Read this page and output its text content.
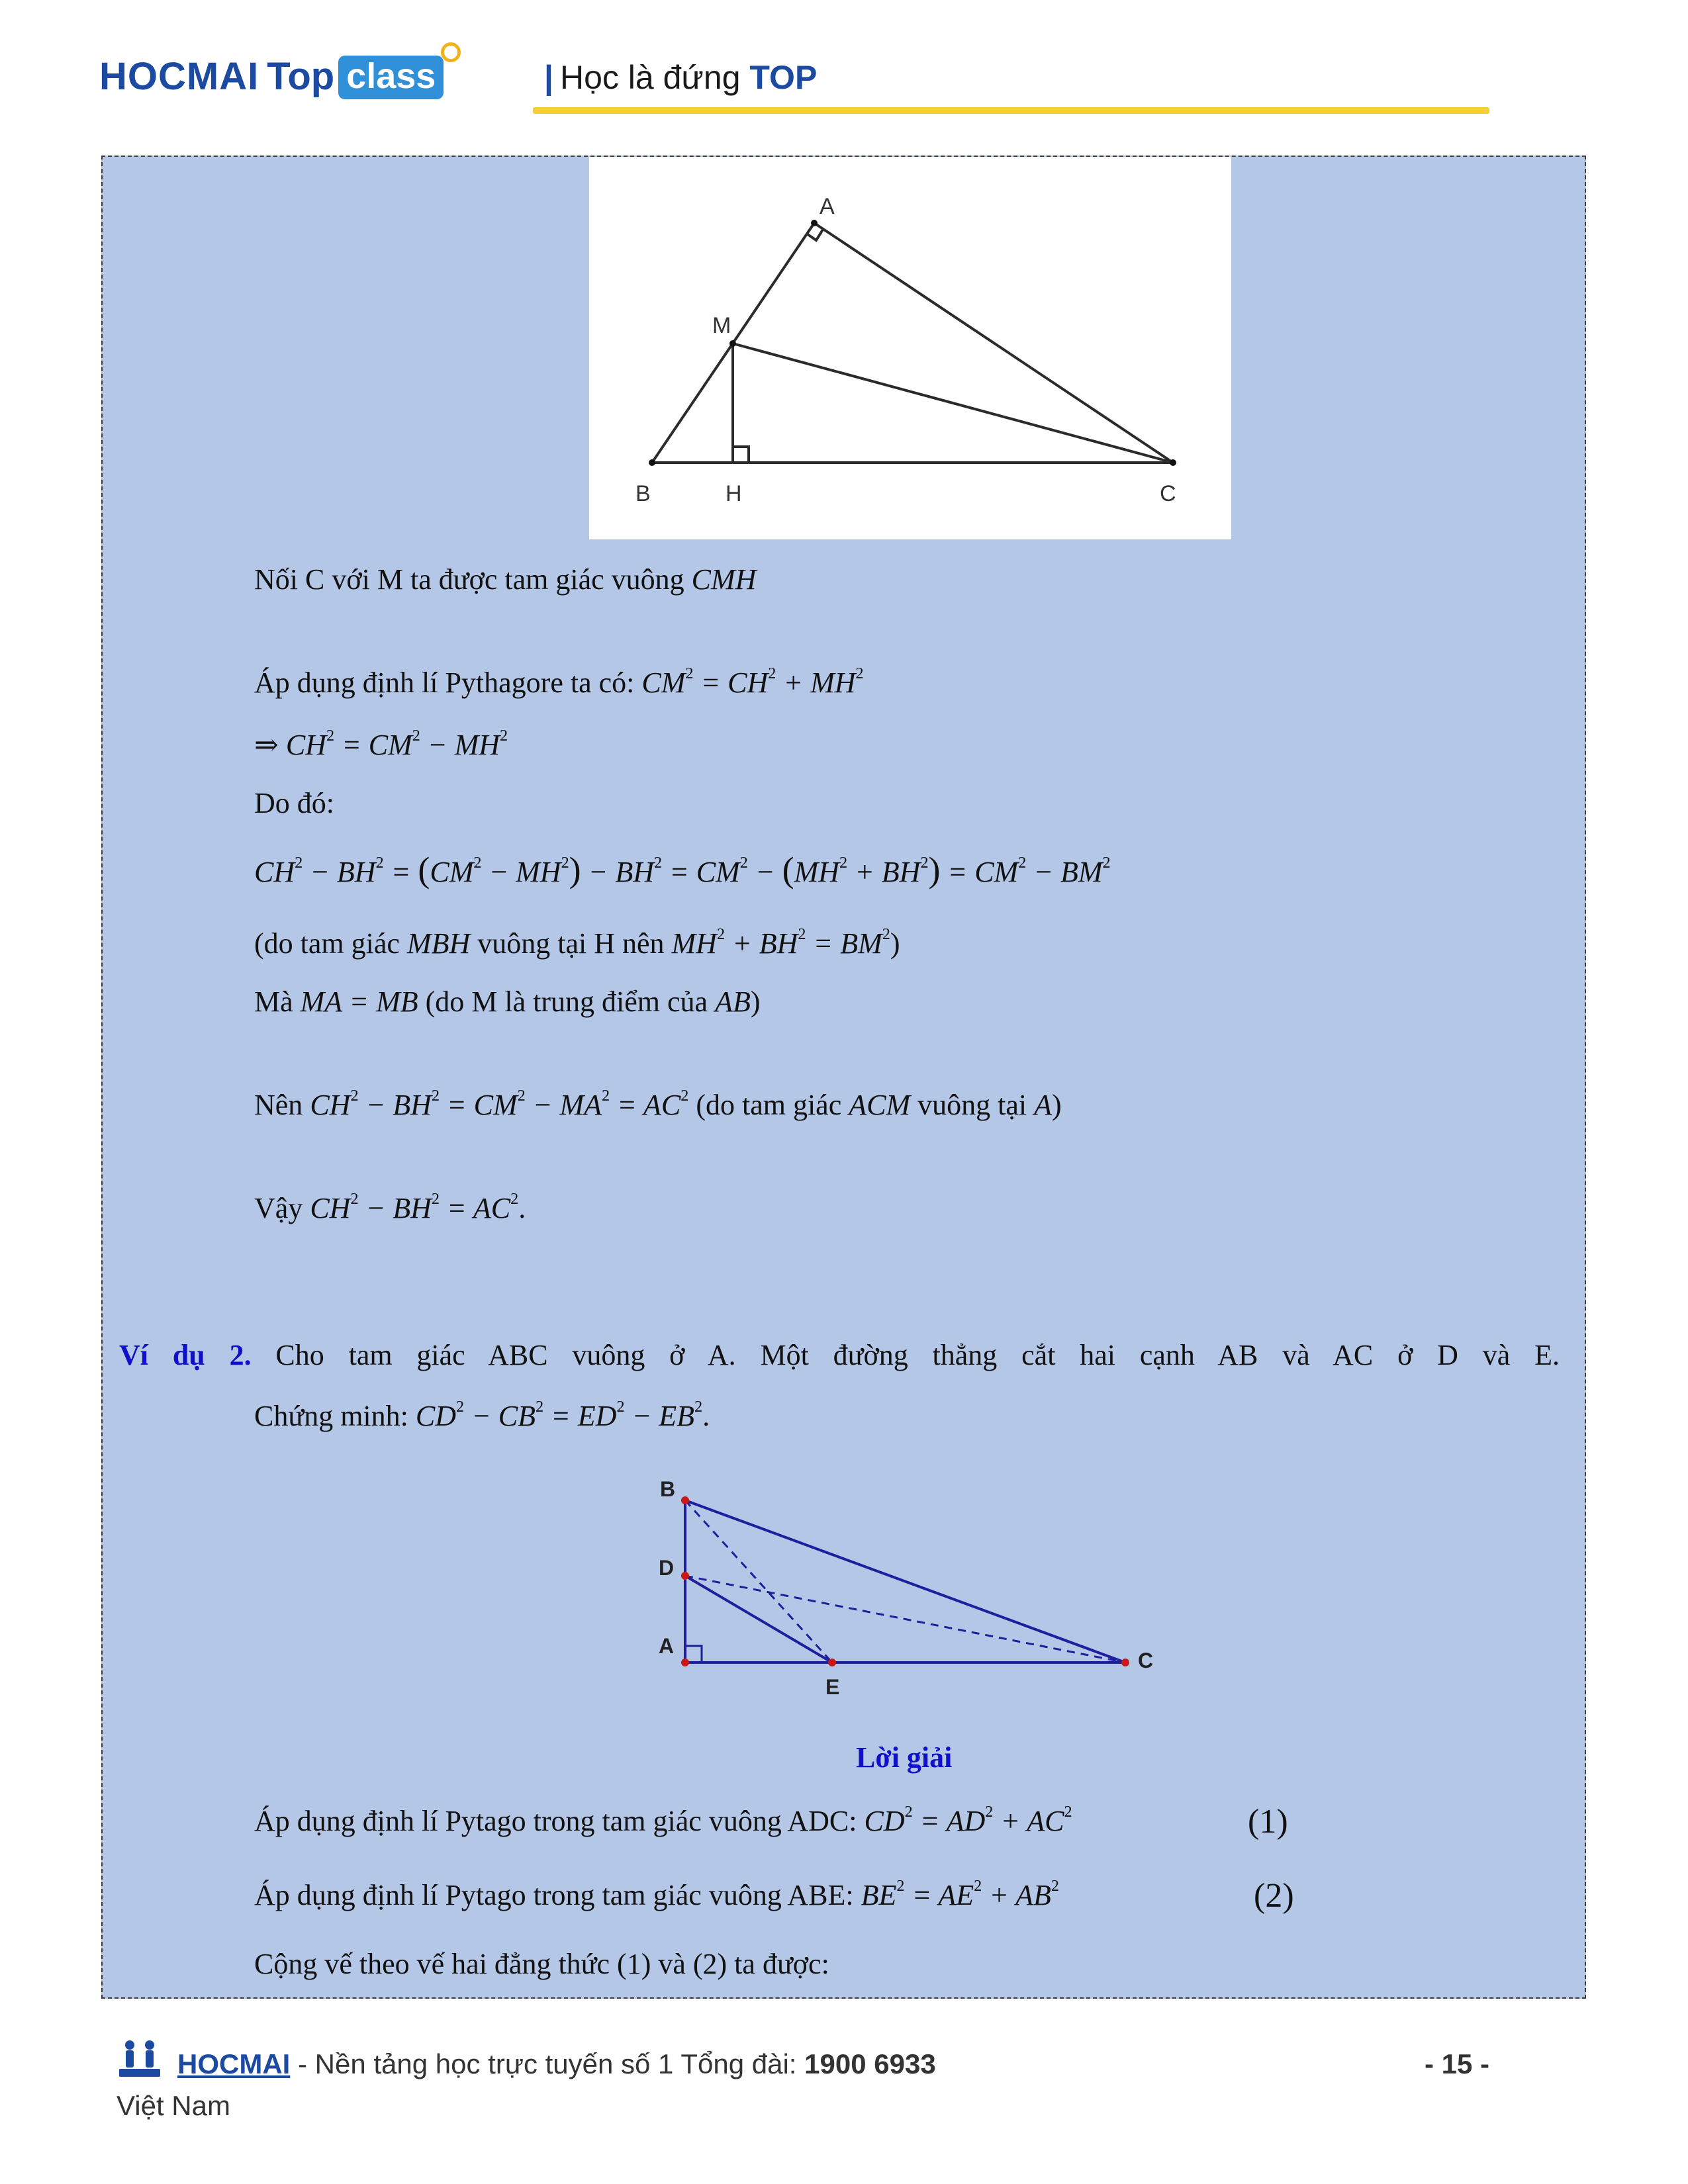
HOCMAI Top class	| Học là đứng TOP
A
M
B	H	C
Nối C với M ta được tam giác vuông CMH
Áp dụng định lí Pythagore ta có: $CM^2 = CH^2 + MH^2$
⇒ $CH^2 = CM^2 - MH^2$
Do đó:
$CH^2 - BH^2 = (CM^2 - MH^2) - BH^2 = CM^2 - (MH^2 + BH^2) = CM^2 - BM^2$
(do tam giác MBH vuông tại H nên $MH^2 + BH^2 = BM^2$)
Mà MA = MB (do M là trung điểm của AB)
Nên $CH^2 - BH^2 = CM^2 - MA^2 = AC^2$ (do tam giác ACM vuông tại A)
Vậy $CH^2 - BH^2 = AC^2$.
Ví dụ 2. Cho tam giác ABC vuông ở A. Một đường thẳng cắt hai cạnh AB và AC ở D và E.
Chứng minh: $CD^2 - CB^2 = ED^2 - EB^2$.
B
D
A
E
C
Lời giải
Áp dụng định lí Pytago trong tam giác vuông ADC: $CD^2 = AD^2 + AC^2$	(1)
Áp dụng định lí Pytago trong tam giác vuông ABE: $BE^2 = AE^2 + AB^2$	(2)
Cộng vế theo vế hai đẳng thức (1) và (2) ta được:
HOCMAI - Nền tảng học trực tuyến số 1 Tổng đài: 1900 6933
Việt Nam
- 15 -
